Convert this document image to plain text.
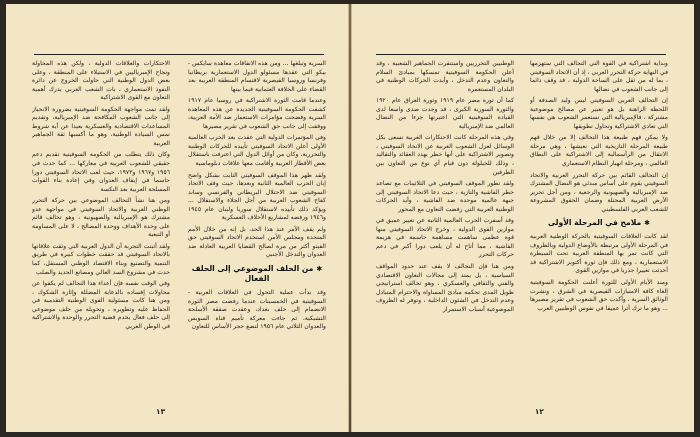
السرية وتبلغها ... ومن هذه الاتفاقات معاهدة سايكس - بيكو التي عقدها مسئولو الدول الاستعمارية بريطانيا وفرنسا وروسيا القيصرية لاقتسام المنطقة العربية بعد القضاء على الخلافة العثمانية فيما بينها

وعندما قامت الثورة الاشتراكية في روسيا عام ١٩١٧ كشفت الحكومة السوفيتية الجديدة عن هذه المعاهدة السرية وفضحت مؤامرات الاستعمار ضد الأمة العربية، ووقفت إلى جانب حق الشعوب في تقرير مصيرها

وفي المؤتمرات الدولية التي عقدت بعد الحرب العالمية الأولى أعلن الاتحاد السوفيتي تأييده للحركات الوطنية والتحررية، وكان من أوائل الدول التي اعترفت باستقلال بعض الأقطار العربية وأقامت معها علاقات دبلوماسية

ولقد ظهر هذا الموقف السوفيتي الثابت بشكل واضح إبان الحرب العالمية الثانية وبعدها، حيث وقف الاتحاد السوفيتي ضد الاحتلال البريطاني والفرنسي وساند كفاح الشعوب العربية من أجل الجلاء والاستقلال ... ويؤكد ذلك تأييده لاستقلال سوريا ولبنان عام ١٩٤٥ و١٩٤٦ ورفضه لمشاريع الأحلاف العسكرية

ولم يقف الأمر عند هذا الحد، بل إنه من خلال الأمم المتحدة ومجلس الأمن استخدم الاتحاد السوفيتي حق الفيتو أكثر من مرة لصالح القضايا العربية العادلة ضد العدوان والتدخل الأجنبي

✱من الحلف الموضوعي إلى الحلف الفعال

وقد بدأت عملية التحول في العلاقات العربية - السوفيتية في الخمسينات عندما رفضت مصر الثورة الانضمام إلى حلف بغداد، وعقدت صفقة الأسلحة التشيكية، ثم جاءت معركة تأميم قناة السويس والعدوان الثلاثي عام ١٩٥٦ لتضع حجر الأساس للتعاون

الاحتكارات والعلاقات الدولية ، ولكن هذه المحاولة ونجاح الإمبرياليين في الاستيلاء على المنطقة ، وعلى بعض الدول الوطنية التي حاولت الخروج عن دائرة النفوذ الاستعماري ، بات الشعب العربي يدرك أهمية التعاون مع القوى الاشتراكية

ولقد تمت مواجهة الحكومة السوفيتية بضرورة الانحياز إلى جانب الشعوب المكافحة ضد الإمبريالية، وتقديم المساعدات الاقتصادية والعسكرية بعيدا عن أية شروط تمس السيادة الوطنية، وهو ما أكسبها ثقة الجماهير العربية

وكان ذلك يتطلب من الحكومة السوفيتية تقديم دعم حقيقي للشعوب العربية في معاركها ... كما حدث في ١٩٥٦ و١٩٦٧ و١٩٧٣، حيث لعب الاتحاد السوفيتي دورا حاسما في إيقاف العدوان وفي إعادة بناء القوات المسلحة العربية بعد النكسة

ومن هنا نشأ التحالف الموضوعي بين حركة التحرر الوطني العربية والاتحاد السوفيتي في مواجهة عدو مشترك هو الإمبريالية والصهيونية ، وهو تحالف قائم على وحدة الأهداف ووحدة المصالح ، لا على المساومة أو التبعية

ولقد أثبتت التجربة أن الدول العربية التي وثقت علاقاتها بالاتحاد السوفيتي قد حققت خطوات كبيرة في طريق التنمية والتصنيع وبناء الاقتصاد الوطني المستقل، كما حدث في مشروع السد العالي ومصانع الحديد والصلب

وفي الوقت نفسه فإن أعداء هذا التحالف لم يكفوا عن محاولات إفساده بالدعاية المضللة وإثارة الشكوك ، ومن هنا كانت مسئولية القوى الوطنية التقدمية في الحفاظ عليه وتطويره ، وتحويله من حلف موضوعي إلى حلف فعال يخدم قضية التحرر والوحدة والاشتراكية في الوطن العربي

١٣

وبداية اشتراكية في القوة التي التحالف التي ستهزمها في النهاية حركة التحرر العربي ، إذ أن الاتحاد السوفيتي ، بما له من ثقل على الساحة الدولية ، قد وقف دائما إلى جانب الشعوب في نضالها

إن التحالف العربي السوفيتي ليس وليد الصدفة أو اللحظة الراهنة بل هو تعبير عن مصالح موضوعية مشتركة ، فالإمبريالية التي تستعمر الشعوب هي نفسها التي تعادي الاشتراكية وتحاول تطويقها

ولا يمكن فهم طبيعة هذا التحالف إلا من خلال فهم طبيعة المرحلة التاريخية التي نعيشها ، وهي مرحلة الانتقال من الرأسمالية إلى الاشتراكية على النطاق العالمي ، ومرحلة انهيار النظام الاستعماري

إن التحالف القائم بين حركة التحرر العربية والاتحاد السوفيتي يقوم على أساس مبدئي هو النضال المشترك ضد الإمبريالية والصهيونية والرجعية ، ومن أجل تحرير الأرض العربية المحتلة وضمان الحقوق المشروعة للشعب العربي الفلسطيني

✱ملامح في المرحلة الأولى

لقد كانت العلاقات السوفيتية بالحركة الوطنية العربية في المرحلة الأولى مرتبطة بالأوضاع الدولية وبالظروف التي كانت تمر بها المنطقة العربية تحت السيطرة الاستعمارية ، ومع ذلك فإن ثورة أكتوبر الاشتراكية قد أحدثت تغييرا جذريا في موازين القوى

ومنذ الأيام الأولى للثورة أعلنت الحكومة السوفيتية إلغاء كافة الامتيازات القيصرية في الشرق ، ونشرت الوثائق السرية ، وأكدت حق الشعوب في تقرير مصيرها ... وهو ما ترك أثرا عميقا في نفوس الوطنيين العرب

الوطنيين التحرريين واستنفرت الجماهير الشعبية ، وقد أعلن الحكومة السوفيتية تمسكها بمبادئ السلام والتعاون وعدم التدخل ، وأيدت الحركات الوطنية في البلدان المستعمرة

كما أن ثورة مصر عام ١٩١٩ وثورة العراق عام ١٩٢٠ والثورة السورية الكبرى ، قد وجدت صدى واسعا لدى القيادة السوفيتية التي اعتبرتها جزءا من النضال العالمي ضد الإمبريالية

وفي هذه المرحلة كانت الاحتكارات الغربية تسعى بكل الوسائل لعزل الشعوب العربية عن الاتحاد السوفيتي ، وتصوير الاشتراكية على أنها خطر يهدد العقائد والتقاليد ، وذلك للحيلولة دون قيام أي نوع من التعاون بين الطرفين

ولقد تطور الموقف السوفيتي في الثلاثينات مع تصاعد خطر الفاشية والنازية ، حيث دعا الاتحاد السوفيتي إلى جبهة عالمية موحدة ضد الفاشية ، وأيد الحركات الوطنية العربية التي رفضت التعاون مع المحور

وقد أسفرت الحرب العالمية الثانية عن تغيير عميق في موازين القوى الدولية ، وخرج الاتحاد السوفيتي منها قوة عظمى ساهمت مساهمة حاسمة في هزيمة الفاشية ، مما أتاح له أن يلعب دورا أكبر في دعم حركات التحرر

ومن هنا فإن التحالف لا يقف عند حدود المواقف السياسية ، بل يمتد إلى مجالات التعاون الاقتصادي والفني والثقافي والعسكري ، وهو تحالف استراتيجي طويل المدى تحكمه مبادئ المساواة والاحترام المتبادل وعدم التدخل في الشئون الداخلية ، وتوفر له الظروف الموضوعية أسباب الاستمرار

١٢
